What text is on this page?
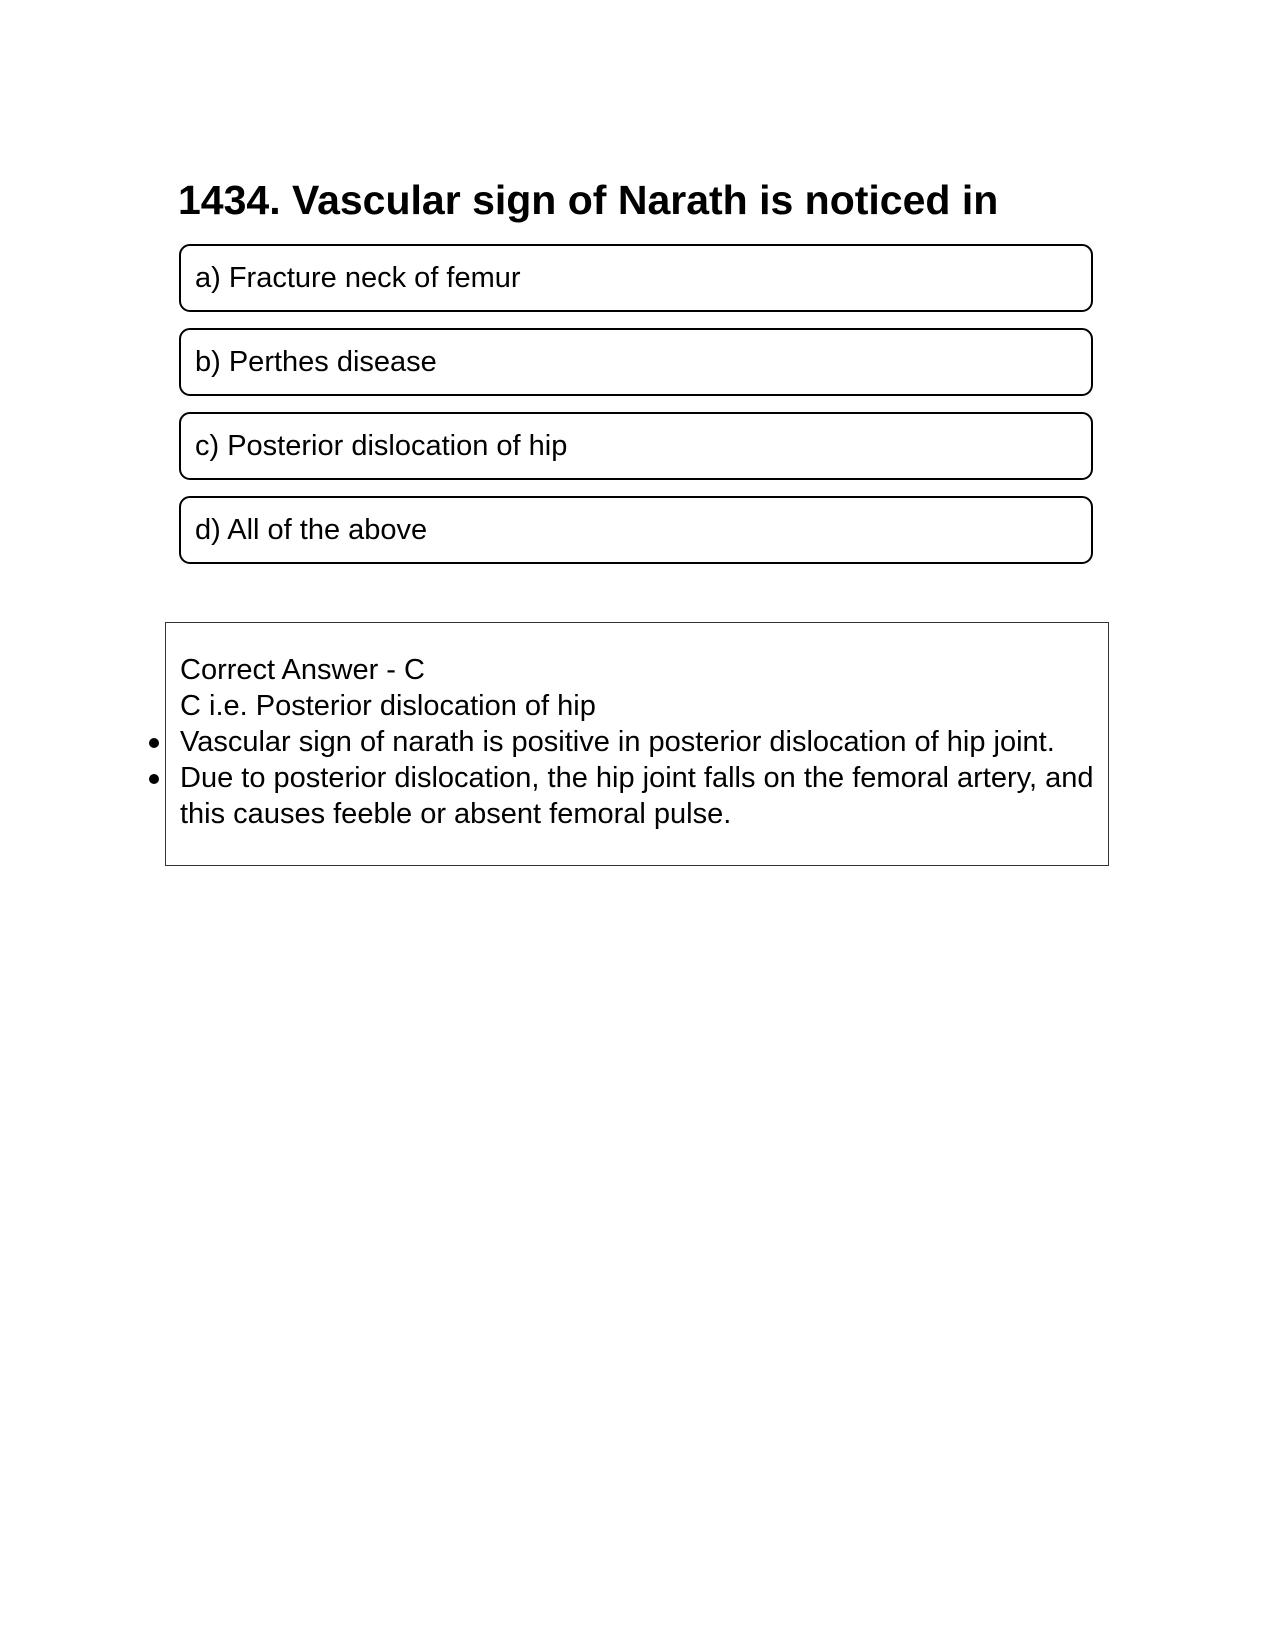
1434. Vascular sign of Narath is noticed in
a) Fracture neck of femur
b) Perthes disease
c) Posterior dislocation of hip
d) All of the above
Correct Answer - C
C i.e. Posterior dislocation of hip
Vascular sign of narath is positive in posterior dislocation of hip joint.
Due to posterior dislocation, the hip joint falls on the femoral artery, and this causes feeble or absent femoral pulse.
